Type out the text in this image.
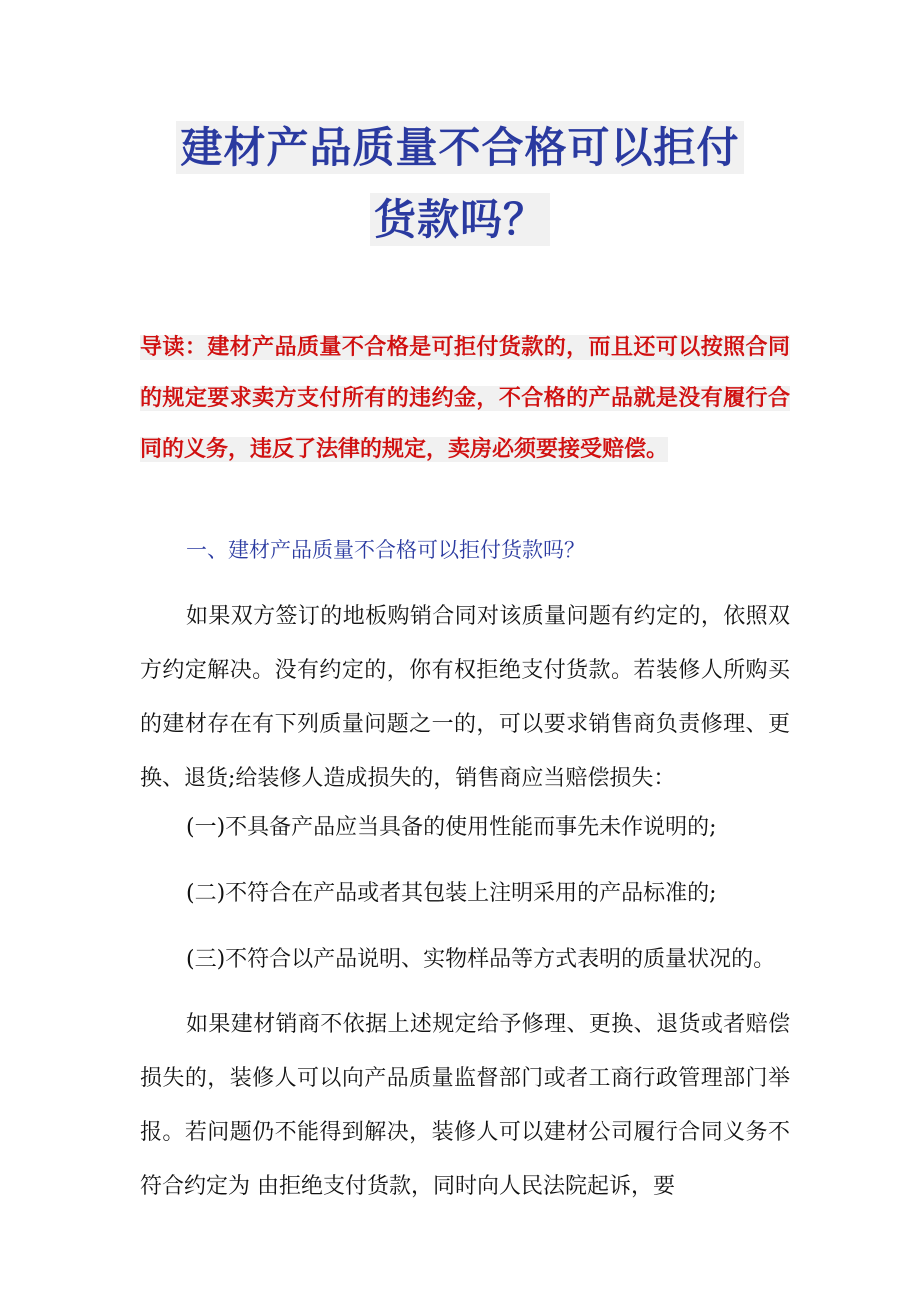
建材产品质量不合格可以拒付
货款吗？
导读：建材产品质量不合格是可拒付货款的，而且还可以按照合同的规定要求卖方支付所有的违约金，不合格的产品就是没有履行合同的义务，违反了法律的规定，卖房必须要接受赔偿。
一、建材产品质量不合格可以拒付货款吗？
如果双方签订的地板购销合同对该质量问题有约定的，依照双方约定解决。没有约定的，你有权拒绝支付货款。若装修人所购买的建材存在有下列质量问题之一的，可以要求销售商负责修理、更换、退货;给装修人造成损失的，销售商应当赔偿损失：
(一)不具备产品应当具备的使用性能而事先未作说明的;
(二)不符合在产品或者其包装上注明采用的产品标准的;
(三)不符合以产品说明、实物样品等方式表明的质量状况的。
如果建材销商不依据上述规定给予修理、更换、退货或者赔偿损失的，装修人可以向产品质量监督部门或者工商行政管理部门举报。若问题仍不能得到解决，装修人可以建材公司履行合同义务不符合约定为 由拒绝支付货款，同时向人民法院起诉，要
